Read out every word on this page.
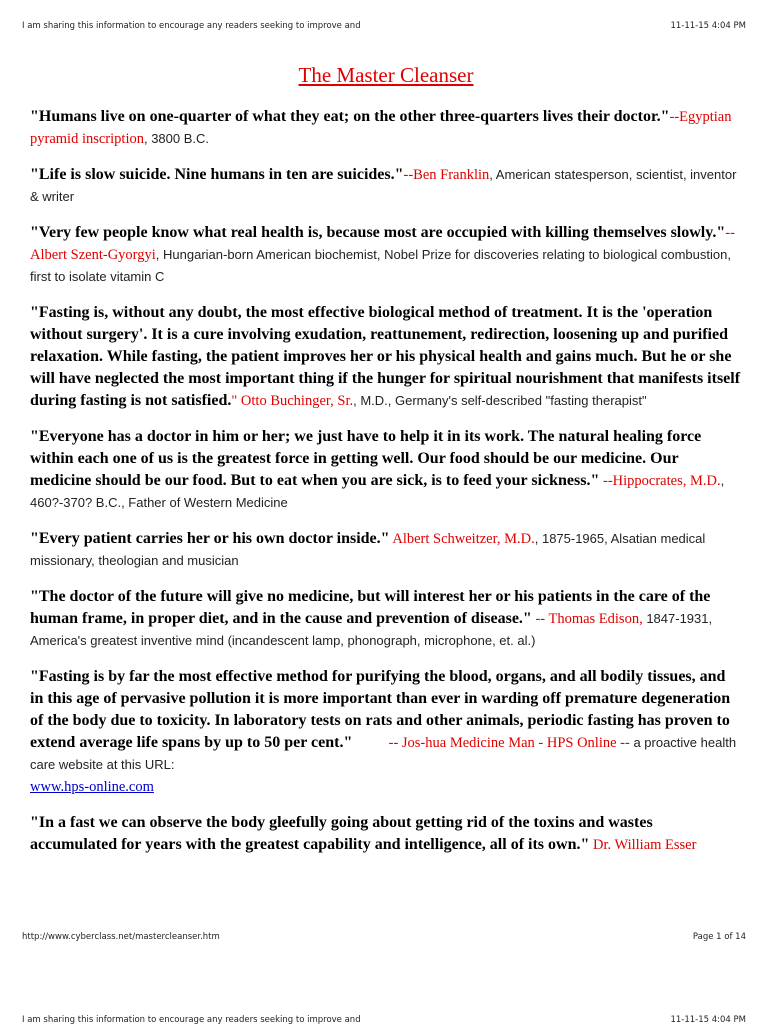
I am sharing this information to encourage any readers seeking to improve and	11-11-15 4:04 PM
The Master Cleanser
"Humans live on one-quarter of what they eat; on the other three-quarters lives their doctor."--Egyptian pyramid inscription, 3800 B.C.
"Life is slow suicide. Nine humans in ten are suicides."--Ben Franklin, American statesperson, scientist, inventor & writer
"Very few people know what real health is, because most are occupied with killing themselves slowly."--Albert Szent-Gyorgyi, Hungarian-born American biochemist, Nobel Prize for discoveries relating to biological combustion, first to isolate vitamin C
"Fasting is, without any doubt, the most effective biological method of treatment. It is the 'operation without surgery'. It is a cure involving exudation, reattunement, redirection, loosening up and purified relaxation. While fasting, the patient improves her or his physical health and gains much. But he or she will have neglected the most important thing if the hunger for spiritual nourishment that manifests itself during fasting is not satisfied." Otto Buchinger, Sr., M.D., Germany's self-described "fasting therapist"
"Everyone has a doctor in him or her; we just have to help it in its work. The natural healing force within each one of us is the greatest force in getting well. Our food should be our medicine. Our medicine should be our food. But to eat when you are sick, is to feed your sickness." --Hippocrates, M.D., 460?-370? B.C., Father of Western Medicine
"Every patient carries her or his own doctor inside." Albert Schweitzer, M.D., 1875-1965, Alsatian medical missionary, theologian and musician
"The doctor of the future will give no medicine, but will interest her or his patients in the care of the human frame, in proper diet, and in the cause and prevention of disease." -- Thomas Edison, 1847-1931, America's greatest inventive mind (incandescent lamp, phonograph, microphone, et. al.)
"Fasting is by far the most effective method for purifying the blood, organs, and all bodily tissues, and in this age of pervasive pollution it is more important than ever in warding off premature degeneration of the body due to toxicity. In laboratory tests on rats and other animals, periodic fasting has proven to extend average life spans by up to 50 per cent."          -- Jos-hua Medicine Man - HPS Online -- a proactive health care website at this URL:
www.hps-online.com
"In a fast we can observe the body gleefully going about getting rid of the toxins and wastes accumulated for years with the greatest capability and intelligence, all of its own." Dr. William Esser
http://www.cyberclass.net/mastercleanser.htm	Page 1 of 14
I am sharing this information to encourage any readers seeking to improve and	11-11-15 4:04 PM
